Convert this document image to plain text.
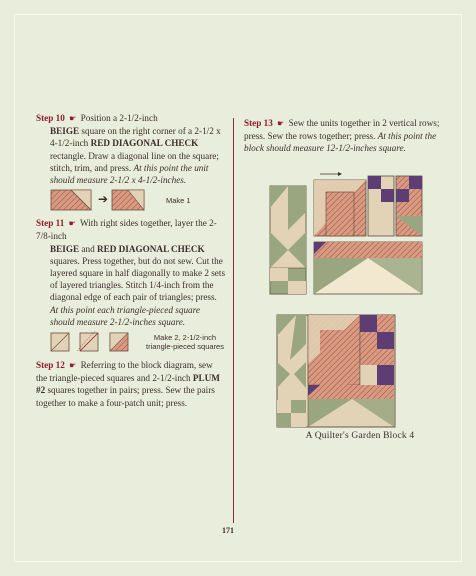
Step 10 ☛ Position a 2-1/2-inch

BEIGE square on the right corner of a 2-1/2 x 4-1/2-inch RED DIAGONAL CHECK rectangle. Draw a diagonal line on the square; stitch, trim, and press. At this point the unit should measure 2-1/2 x 4-1/2-inches.

➔	Make 1

Step 11 ☛ With right sides together, layer the 2-7/8-inch

BEIGE and RED DIAGONAL CHECK squares. Press together, but do not sew. Cut the layered square in half diagonally to make 2 sets of layered triangles. Stitch 1/4-inch from the diagonal edge of each pair of triangles; press. At this point each triangle-pieced square should measure 2-1/2-inches square.

Make 2, 2-1/2-inch
triangle-pieced squares

Step 12 ☛ Referring to the block diagram, sew the triangle-pieced squares and 2-1/2-inch PLUM #2 squares together in pairs; press. Sew the pairs together to make a four-patch unit; press.

Step 13 ☛ Sew the units together in 2 vertical rows; press. Sew the rows together; press. At this point the block should measure 12-1/2-inches square.

A Quilter's Garden Block 4
171
